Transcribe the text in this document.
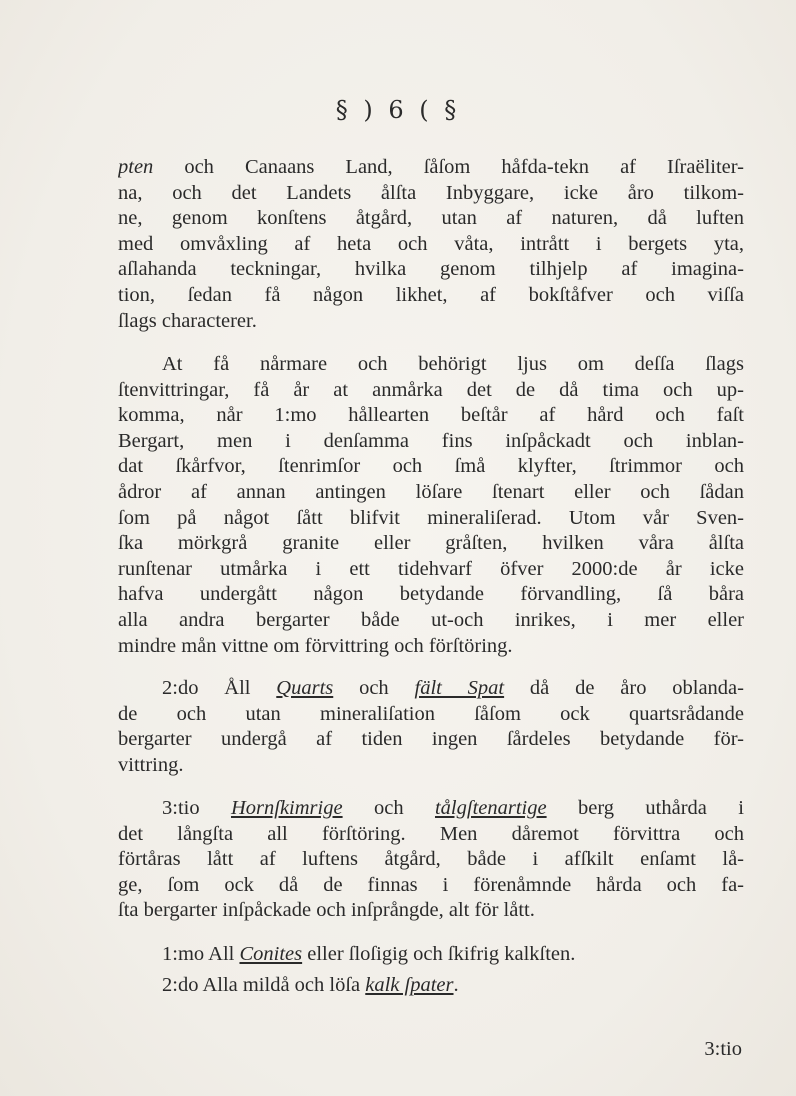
§ ) 6 ( §
pten och Canaans Land, ſåſom håfda-tekn af Iſraëliter-
na, och det Landets ålſta Inbyggare, icke åro tilkom-
ne, genom konſtens åtgård, utan af naturen, då luften
med omvåxling af heta och våta, intrått i bergets yta,
aſlahanda teckningar, hvilka genom tilhjelp af imagina-
tion, ſedan få någon likhet, af bokſtåfver och viſſa
ſlags characterer.
At få nårmare och behörigt ljus om deſſa ſlags
ſtenvittringar, få år at anmårka det de då tima och up-
komma, når 1:mo hållearten beſtår af hård och faſt
Bergart, men i denſamma fins inſpåckadt och inblan-
dat ſkårfvor, ſtenrimſor och ſmå klyfter, ſtrimmor och
ådror af annan antingen löſare ſtenart eller och ſådan
ſom på något ſått blifvit mineraliſerad. Utom vår Sven-
ſka mörkgrå granite eller gråſten, hvilken våra ålſta
runſtenar utmårka i ett tidehvarf öfver 2000:de år icke
hafva undergått någon betydande förvandling, ſå båra
alla andra bergarter både ut-och inrikes, i mer eller
mindre mån vittne om förvittring och förſtöring.
2:do Åll Quarts och fält Spat då de åro oblanda-
de och utan mineraliſation ſåſom ock quartsrådande
bergarter undergå af tiden ingen ſårdeles betydande för-
vittring.
3:tio Hornſkimrige och tålgſtenartige berg uthårda i
det långſta all förſtöring. Men dåremot förvittra och
förtåras lått af luftens åtgård, både i afſkilt enſamt lå-
ge, ſom ock då de finnas i förenåmnde hårda och fa-
ſta bergarter inſpåckade och inſprångde, alt för lått.
1:mo All Conites eller ſloſigig och ſkifrig kalkſten.
2:do Alla mildå och löſa kalk ſpater.
3:tio
